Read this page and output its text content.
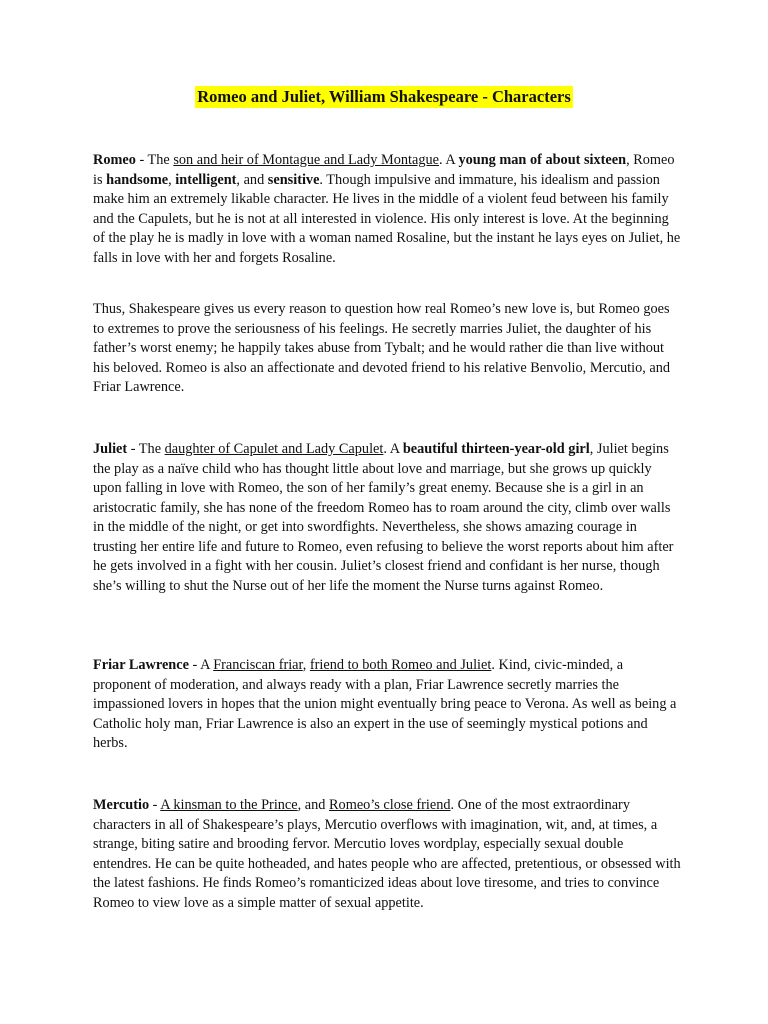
Romeo and Juliet, William Shakespeare - Characters

Romeo - The son and heir of Montague and Lady Montague. A young man of about sixteen, Romeo is handsome, intelligent, and sensitive. Though impulsive and immature, his idealism and passion make him an extremely likable character. He lives in the middle of a violent feud between his family and the Capulets, but he is not at all interested in violence. His only interest is love. At the beginning of the play he is madly in love with a woman named Rosaline, but the instant he lays eyes on Juliet, he falls in love with her and forgets Rosaline.

Thus, Shakespeare gives us every reason to question how real Romeo’s new love is, but Romeo goes to extremes to prove the seriousness of his feelings. He secretly marries Juliet, the daughter of his father’s worst enemy; he happily takes abuse from Tybalt; and he would rather die than live without his beloved. Romeo is also an affectionate and devoted friend to his relative Benvolio, Mercutio, and Friar Lawrence.

Juliet - The daughter of Capulet and Lady Capulet. A beautiful thirteen-year-old girl, Juliet begins the play as a naïve child who has thought little about love and marriage, but she grows up quickly upon falling in love with Romeo, the son of her family’s great enemy. Because she is a girl in an aristocratic family, she has none of the freedom Romeo has to roam around the city, climb over walls in the middle of the night, or get into swordfights. Nevertheless, she shows amazing courage in trusting her entire life and future to Romeo, even refusing to believe the worst reports about him after he gets involved in a fight with her cousin. Juliet’s closest friend and confidant is her nurse, though she’s willing to shut the Nurse out of her life the moment the Nurse turns against Romeo.

Friar Lawrence - A Franciscan friar, friend to both Romeo and Juliet. Kind, civic-minded, a proponent of moderation, and always ready with a plan, Friar Lawrence secretly marries the impassioned lovers in hopes that the union might eventually bring peace to Verona. As well as being a Catholic holy man, Friar Lawrence is also an expert in the use of seemingly mystical potions and herbs.

Mercutio - A kinsman to the Prince, and Romeo’s close friend. One of the most extraordinary characters in all of Shakespeare’s plays, Mercutio overflows with imagination, wit, and, at times, a strange, biting satire and brooding fervor. Mercutio loves wordplay, especially sexual double entendres. He can be quite hotheaded, and hates people who are affected, pretentious, or obsessed with the latest fashions. He finds Romeo’s romanticized ideas about love tiresome, and tries to convince Romeo to view love as a simple matter of sexual appetite.
